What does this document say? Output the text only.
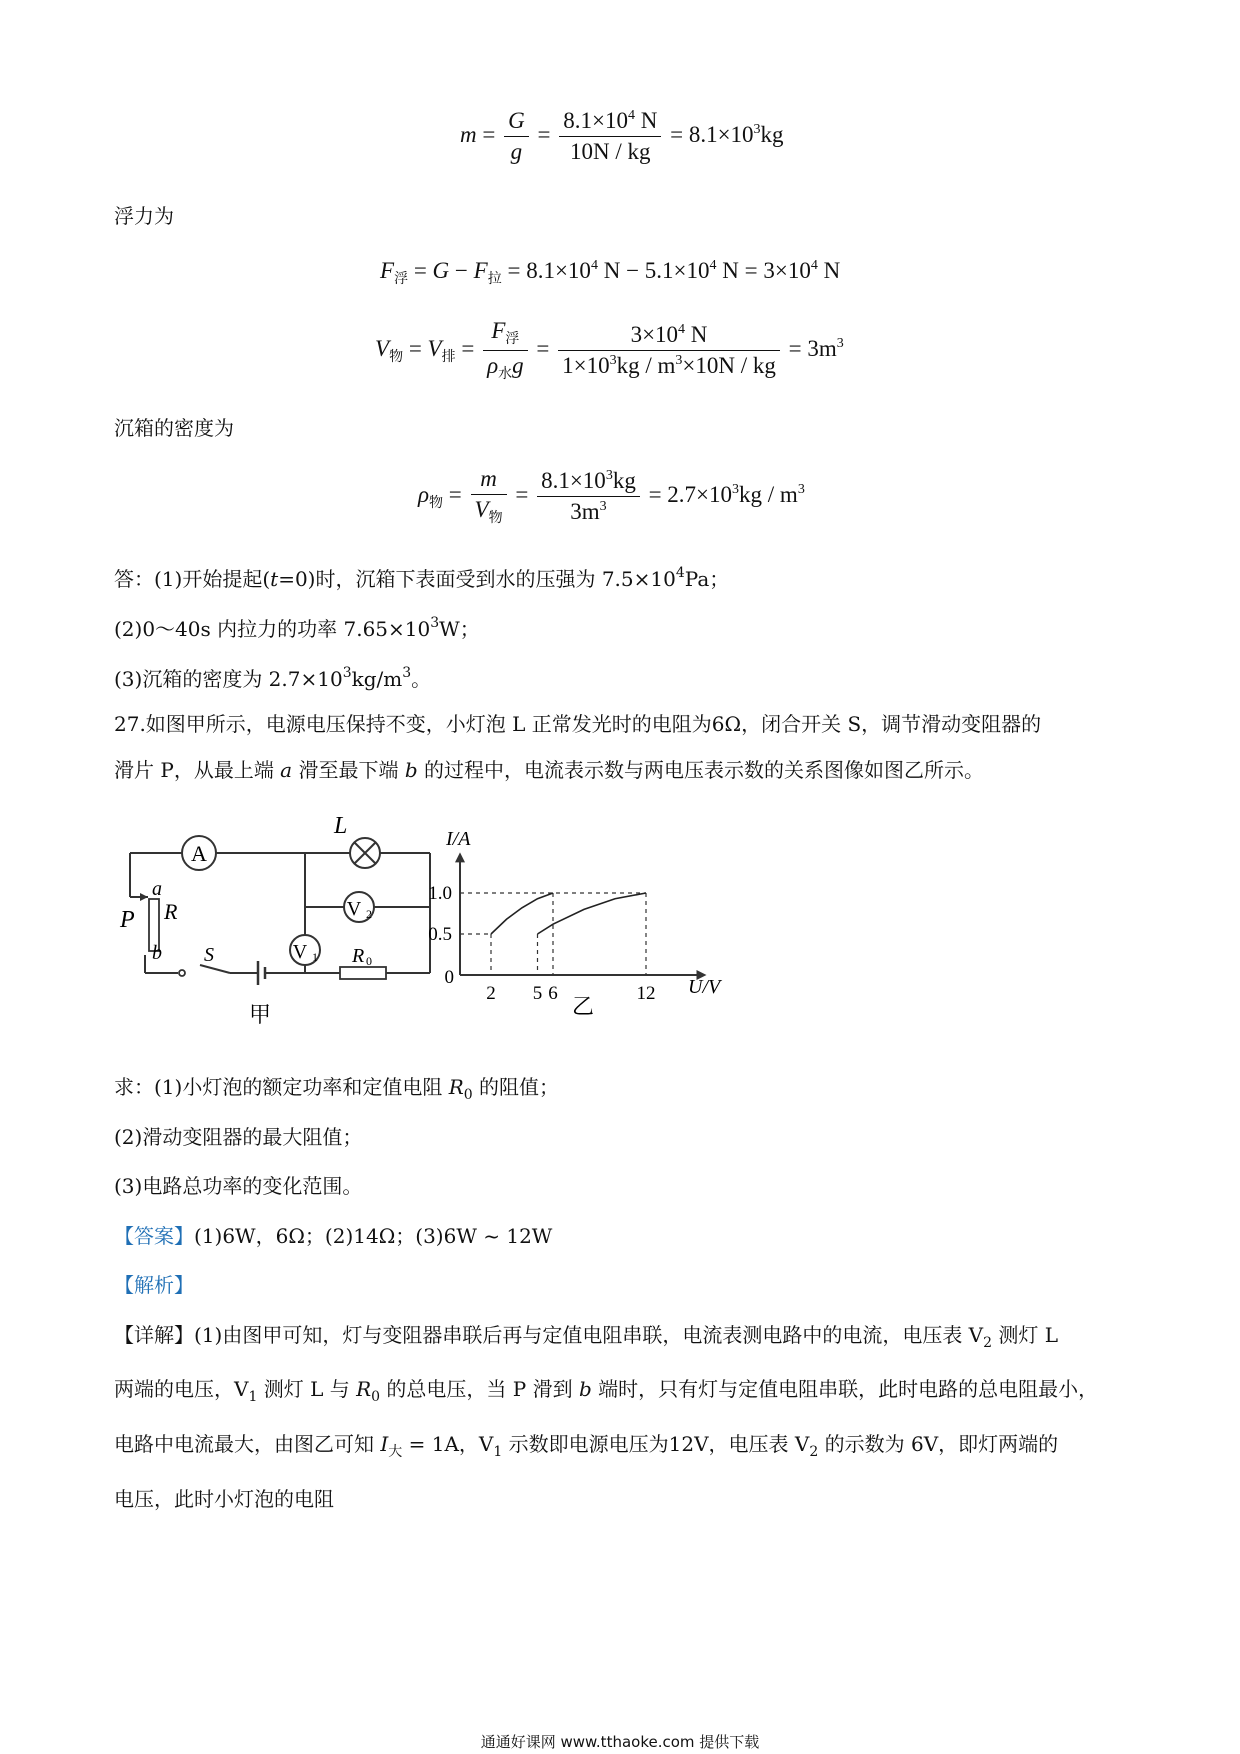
$m = \frac{G}{g} = \frac{8.1\times 10^4 N}{10N / kg} = 8.1\times 10^3kg$
浮力为
$F_浮 = G - F_拉 = 8.1\times 10^4$ $N - 5.1\times 10^4$ $N = 3\times 10^4$ N
$V_物 = V_排 = \frac{F_浮}{\rho_水g} = \frac{3\times 10^4 N}{1\times 10^3kg / m^3\times 10N / kg} = 3m^3$
沉箱的密度为
$\rho_物 = \frac{m}{V_物} = \frac{8.1\times 10^3kg}{3m^3} = 2.7\times 10^3kg / m^3$
答：(1)开始提起(t=0)时，沉箱下表面受到水的压强为 $7.5\times 10^4Pa$；
(2)0～40s 内拉力的功率 $7.65\times 10^3W$；
(3)沉箱的密度为 $2.7\times 10^3kg/m^3$。
27.如图甲所示，电源电压保持不变，小灯泡 L 正常发光时的电阻为6Ω，闭合开关 S，调节滑动变阻器的
滑片 P，从最上端 a 滑至最下端 b 的过程中，电流表示数与两电压表示数的关系图像如图乙所示。
A
L
V 2
V 1
R
P
a
b S	R 0
甲
1.0
0.5
2 5 6	12
0
I/A
U/V
乙
求：(1)小灯泡的额定功率和定值电阻 $R_0$ 的阻值；
(2)滑动变阻器的最大阻值；
(3)电路总功率的变化范围。
【答案】(1)6W，6Ω；(2)14Ω；(3)6W ~ 12W
【解析】
【详解】(1)由图甲可知，灯与变阻器串联后再与定值电阻串联，电流表测电路中的电流，电压表 $V_2$ 测灯 L
两端的电压，$V_1$ 测灯 L 与 $R_0$ 的总电压，当 P 滑到 b 端时，只有灯与定值电阻串联，此时电路的总电阻最小，
电路中电流最大，由图乙可知 $I_大 = 1A$，$V_1$ 示数即电源电压为12V，电压表 $V_2$ 的示数为 6V，即灯两端的
电压，此时小灯泡的电阻
通通好课网 www.tthaoke.com 提供下载
